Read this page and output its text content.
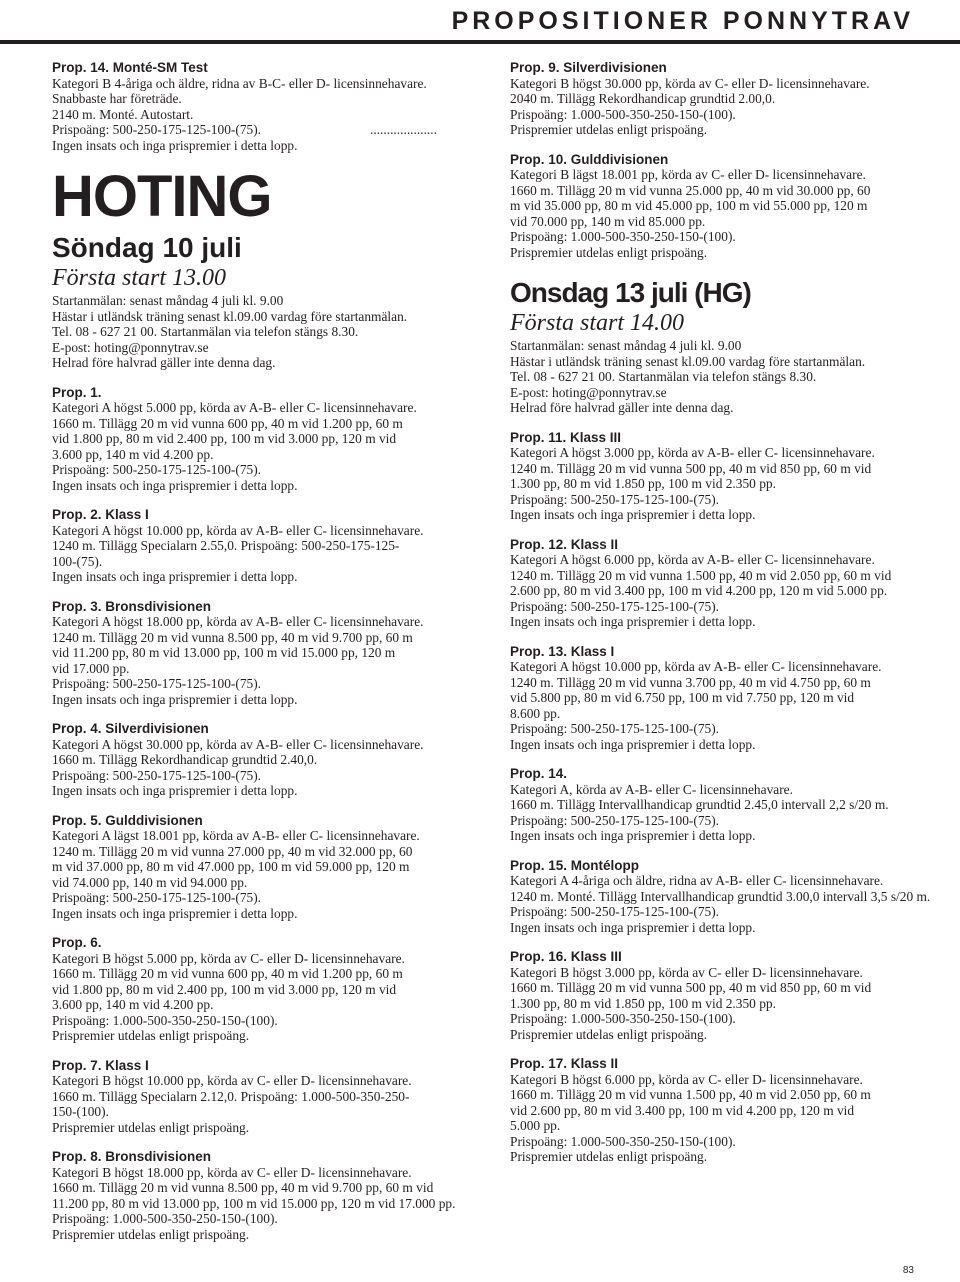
PROPOSITIONER PONNYTRAV

Prop. 14. Monté-SM Test

Kategori B 4-åriga och äldre, ridna av B-C- eller D- licensinnehavare.

Snabbaste har företräde.

2140 m. Monté. Autostart.

Prispoäng: 500-250-175-125-100-(75).	....................

Ingen insats och inga prispremier i detta lopp.

HOTING
Söndag 10 juli
Första start 13.00

Startanmälan: senast måndag 4 juli kl. 9.00

Hästar i utländsk träning senast kl.09.00 vardag före startanmälan.

Tel. 08 - 627 21 00. Startanmälan via telefon stängs 8.30.

E-post: hoting@ponnytrav.se

Helrad före halvrad gäller inte denna dag.

Prop. 1.

Kategori A högst 5.000 pp, körda av A-B- eller C- licensinnehavare.

1660 m. Tillägg 20 m vid vunna 600 pp, 40 m vid 1.200 pp, 60 m

vid 1.800 pp, 80 m vid 2.400 pp, 100 m vid 3.000 pp, 120 m vid

3.600 pp, 140 m vid 4.200 pp.

Prispoäng: 500-250-175-125-100-(75).

Ingen insats och inga prispremier i detta lopp.

Prop. 2. Klass I

Kategori A högst 10.000 pp, körda av A-B- eller C- licensinnehavare.

1240 m. Tillägg Specialarn 2.55,0. Prispoäng: 500-250-175-125-

100-(75).

Ingen insats och inga prispremier i detta lopp.

Prop. 3. Bronsdivisionen

Kategori A högst 18.000 pp, körda av A-B- eller C- licensinnehavare.

1240 m. Tillägg 20 m vid vunna 8.500 pp, 40 m vid 9.700 pp, 60 m

vid 11.200 pp, 80 m vid 13.000 pp, 100 m vid 15.000 pp, 120 m

vid 17.000 pp.

Prispoäng: 500-250-175-125-100-(75).

Ingen insats och inga prispremier i detta lopp.

Prop. 4. Silverdivisionen

Kategori A högst 30.000 pp, körda av A-B- eller C- licensinnehavare.

1660 m. Tillägg Rekordhandicap grundtid 2.40,0.

Prispoäng: 500-250-175-125-100-(75).

Ingen insats och inga prispremier i detta lopp.

Prop. 5. Gulddivisionen

Kategori A lägst 18.001 pp, körda av A-B- eller C- licensinnehavare.

1240 m. Tillägg 20 m vid vunna 27.000 pp, 40 m vid 32.000 pp, 60

m vid 37.000 pp, 80 m vid 47.000 pp, 100 m vid 59.000 pp, 120 m

vid 74.000 pp, 140 m vid 94.000 pp.

Prispoäng: 500-250-175-125-100-(75).

Ingen insats och inga prispremier i detta lopp.

Prop. 6.

Kategori B högst 5.000 pp, körda av C- eller D- licensinnehavare.

1660 m. Tillägg 20 m vid vunna 600 pp, 40 m vid 1.200 pp, 60 m

vid 1.800 pp, 80 m vid 2.400 pp, 100 m vid 3.000 pp, 120 m vid

3.600 pp, 140 m vid 4.200 pp.

Prispoäng: 1.000-500-350-250-150-(100).

Prispremier utdelas enligt prispoäng.

Prop. 7. Klass I

Kategori B högst 10.000 pp, körda av C- eller D- licensinnehavare.

1660 m. Tillägg Specialarn 2.12,0. Prispoäng: 1.000-500-350-250-

150-(100).

Prispremier utdelas enligt prispoäng.

Prop. 8. Bronsdivisionen

Kategori B högst 18.000 pp, körda av C- eller D- licensinnehavare.

1660 m. Tillägg 20 m vid vunna 8.500 pp, 40 m vid 9.700 pp, 60 m vid

11.200 pp, 80 m vid 13.000 pp, 100 m vid 15.000 pp, 120 m vid 17.000 pp.

Prispoäng: 1.000-500-350-250-150-(100).

Prispremier utdelas enligt prispoäng.

Prop. 9. Silverdivisionen

Kategori B högst 30.000 pp, körda av C- eller D- licensinnehavare.

2040 m. Tillägg Rekordhandicap grundtid 2.00,0.

Prispoäng: 1.000-500-350-250-150-(100).

Prispremier utdelas enligt prispoäng.

Prop. 10. Gulddivisionen

Kategori B lägst 18.001 pp, körda av C- eller D- licensinnehavare.

1660 m. Tillägg 20 m vid vunna 25.000 pp, 40 m vid 30.000 pp, 60

m vid 35.000 pp, 80 m vid 45.000 pp, 100 m vid 55.000 pp, 120 m

vid 70.000 pp, 140 m vid 85.000 pp.

Prispoäng: 1.000-500-350-250-150-(100).

Prispremier utdelas enligt prispoäng.

Onsdag 13 juli (HG)
Första start 14.00

Startanmälan: senast måndag 4 juli kl. 9.00

Hästar i utländsk träning senast kl.09.00 vardag före startanmälan.

Tel. 08 - 627 21 00. Startanmälan via telefon stängs 8.30.

E-post: hoting@ponnytrav.se

Helrad före halvrad gäller inte denna dag.

Prop. 11. Klass III

Kategori A högst 3.000 pp, körda av A-B- eller C- licensinnehavare.

1240 m. Tillägg 20 m vid vunna 500 pp, 40 m vid 850 pp, 60 m vid

1.300 pp, 80 m vid 1.850 pp, 100 m vid 2.350 pp.

Prispoäng: 500-250-175-125-100-(75).

Ingen insats och inga prispremier i detta lopp.

Prop. 12. Klass II

Kategori A högst 6.000 pp, körda av A-B- eller C- licensinnehavare.

1240 m. Tillägg 20 m vid vunna 1.500 pp, 40 m vid 2.050 pp, 60 m vid

2.600 pp, 80 m vid 3.400 pp, 100 m vid 4.200 pp, 120 m vid 5.000 pp.

Prispoäng: 500-250-175-125-100-(75).

Ingen insats och inga prispremier i detta lopp.

Prop. 13. Klass I

Kategori A högst 10.000 pp, körda av A-B- eller C- licensinnehavare.

1240 m. Tillägg 20 m vid vunna 3.700 pp, 40 m vid 4.750 pp, 60 m

vid 5.800 pp, 80 m vid 6.750 pp, 100 m vid 7.750 pp, 120 m vid

8.600 pp.

Prispoäng: 500-250-175-125-100-(75).

Ingen insats och inga prispremier i detta lopp.

Prop. 14.

Kategori A, körda av A-B- eller C- licensinnehavare.

1660 m. Tillägg Intervallhandicap grundtid 2.45,0 intervall 2,2 s/20 m.

Prispoäng: 500-250-175-125-100-(75).

Ingen insats och inga prispremier i detta lopp.

Prop. 15. Montélopp

Kategori A 4-åriga och äldre, ridna av A-B- eller C- licensinnehavare.

1240 m. Monté. Tillägg Intervallhandicap grundtid 3.00,0 intervall 3,5 s/20 m.

Prispoäng: 500-250-175-125-100-(75).

Ingen insats och inga prispremier i detta lopp.

Prop. 16. Klass III

Kategori B högst 3.000 pp, körda av C- eller D- licensinnehavare.

1660 m. Tillägg 20 m vid vunna 500 pp, 40 m vid 850 pp, 60 m vid

1.300 pp, 80 m vid 1.850 pp, 100 m vid 2.350 pp.

Prispoäng: 1.000-500-350-250-150-(100).

Prispremier utdelas enligt prispoäng.

Prop. 17. Klass II

Kategori B högst 6.000 pp, körda av C- eller D- licensinnehavare.

1660 m. Tillägg 20 m vid vunna 1.500 pp, 40 m vid 2.050 pp, 60 m

vid 2.600 pp, 80 m vid 3.400 pp, 100 m vid 4.200 pp, 120 m vid

5.000 pp.

Prispoäng: 1.000-500-350-250-150-(100).

Prispremier utdelas enligt prispoäng.

83
